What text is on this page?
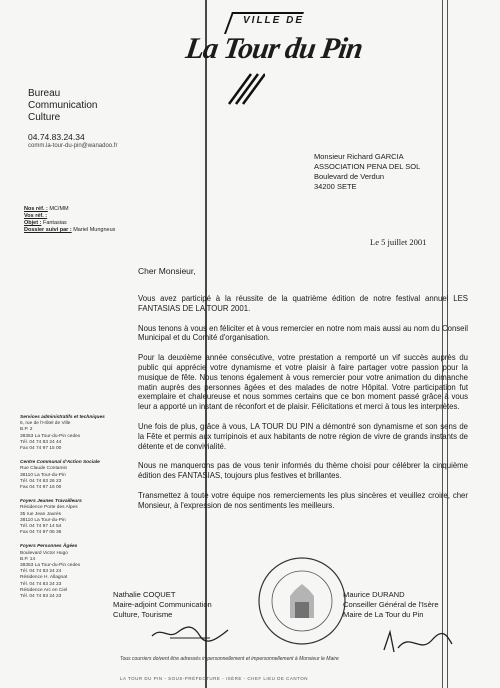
VILLE DE
La Tour du Pin
Bureau
Communication
Culture
04.74.83.24.34
comm.la-tour-du-pin@wanadoo.fr
Nos réf. : MC/MM
Vos réf. :
Objet : Fantasias
Dossier suivi par : Mariel Mungneux
Services administratifs et techniques
6, rue de l'Hôtel de Ville
B.P. 2
38353 La Tour-du-Pin cedex
Tél. 04 74 83 24 44
Fax 04 74 97 15 00
Centre Communal d'Action Sociale
Rue Claude Contamin
38110 La Tour-du-Pin
Tél. 04 74 83 26 23
Fax 04 74 97 16 00
Foyers Jeunes Travailleurs
Résidence Porte des Alpes
35 rue Jean Jaurès
38110 La Tour-du-Pin
Tél. 04 74 97 14 54
Fax 04 74 97 06 36
Foyers Personnes Âgées
Boulevard Victor Hugo
B.P. 14
38353 La Tour-du-Pin cedex
Tél. 04 74 83 24 24
Résidence H. Allagnat
Tél. 04 74 83 24 23
Résidence Arc en Ciel
Tél. 04 74 83 24 23
Monsieur Richard GARCIA
ASSOCIATION PENA DEL SOL
Boulevard de Verdun
34200 SETE
Le 5 juillet 2001
Cher Monsieur,

Vous avez participé à la réussite de la quatrième édition de notre festival annuel LES FANTASIAS DE LA TOUR 2001.

Nous tenons à vous en féliciter et à vous remercier en notre nom mais aussi au nom du Conseil Municipal et du Comité d'organisation.

Pour la deuxième année consécutive, votre prestation a remporté un vif succès auprès du public qui apprécie votre dynamisme et votre plaisir à faire partager votre passion pour la musique de fête. Nous tenons également à vous remercier pour votre animation du dimanche matin auprès des personnes âgées et des malades de notre Hôpital. Votre participation fut exemplaire et chaleureuse et nous sommes certains que ce bon moment passé grâce à vous leur a apporté un instant de réconfort et de plaisir. Félicitations et merci à tous les interprètes.

Une fois de plus, grâce à vous, LA TOUR DU PIN a démontré son dynamisme et son sens de la Fête et permis aux turripinois et aux habitants de notre région de vivre de grands instants de détente et de convivialité.

Nous ne manquerons pas de vous tenir informés du thème choisi pour célébrer la cinquième édition des FANTASIAS, toujours plus festives et brillantes.

Transmettez à toute votre équipe nos remerciements les plus sincères et veuillez croire, cher Monsieur, à l'expression de nos sentiments les meilleurs.

Nathalie COQUET
Maire-adjoint Communication
Culture, Tourisme
Maurice DURAND
Conseiller Général de l'Isère
Maire de La Tour du Pin
Tous courriers doivent être adressés impersonnellement et impersonnellement à Monsieur le Maire
LA TOUR DU PIN - SOUS-PRÉFECTURE - ISÈRE - CHEF LIEU DE CANTON
